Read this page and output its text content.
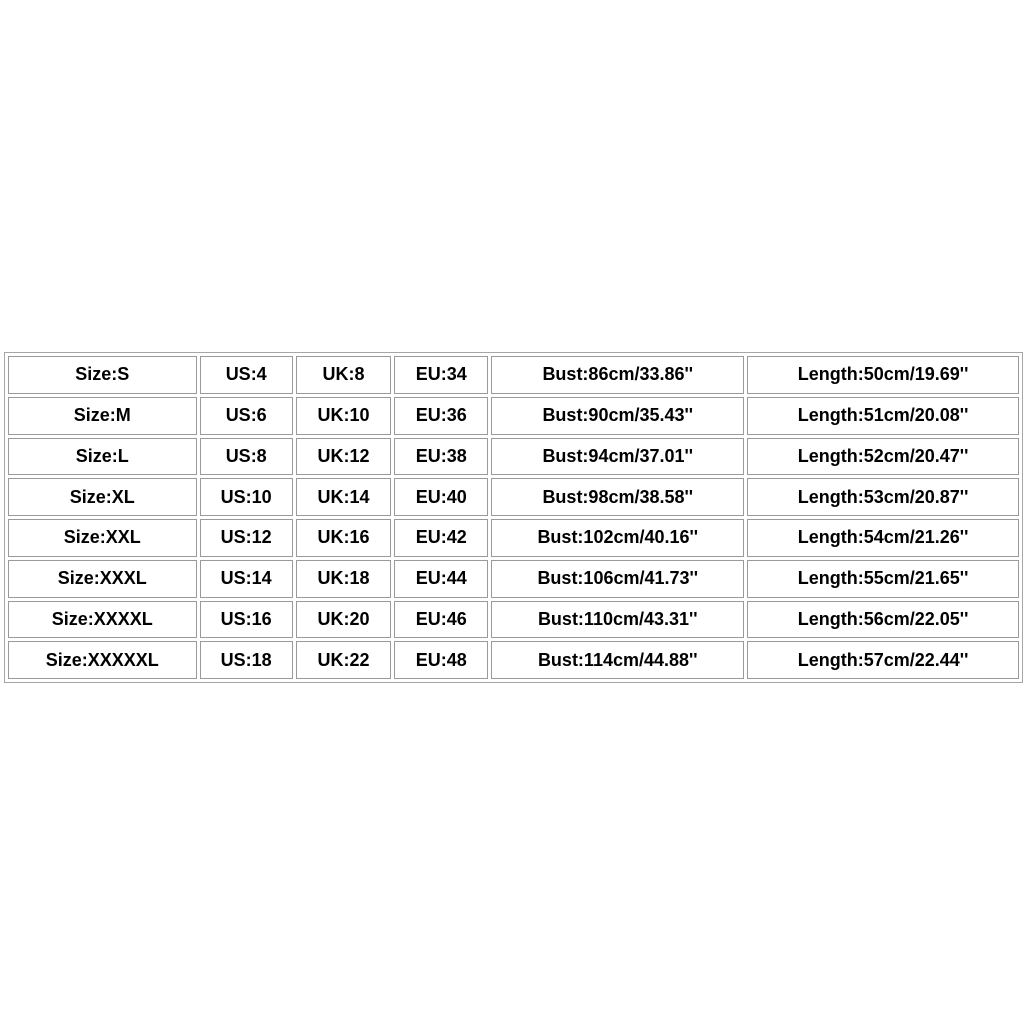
Size:S	US:4	UK:8	EU:34	Bust:86cm/33.86''	Length:50cm/19.69''
Size:M	US:6	UK:10	EU:36	Bust:90cm/35.43''	Length:51cm/20.08''
Size:L	US:8	UK:12	EU:38	Bust:94cm/37.01''	Length:52cm/20.47''
Size:XL	US:10	UK:14	EU:40	Bust:98cm/38.58''	Length:53cm/20.87''
Size:XXL	US:12	UK:16	EU:42	Bust:102cm/40.16''	Length:54cm/21.26''
Size:XXXL	US:14	UK:18	EU:44	Bust:106cm/41.73''	Length:55cm/21.65''
Size:XXXXL	US:16	UK:20	EU:46	Bust:110cm/43.31''	Length:56cm/22.05''
Size:XXXXXL	US:18	UK:22	EU:48	Bust:114cm/44.88''	Length:57cm/22.44''
